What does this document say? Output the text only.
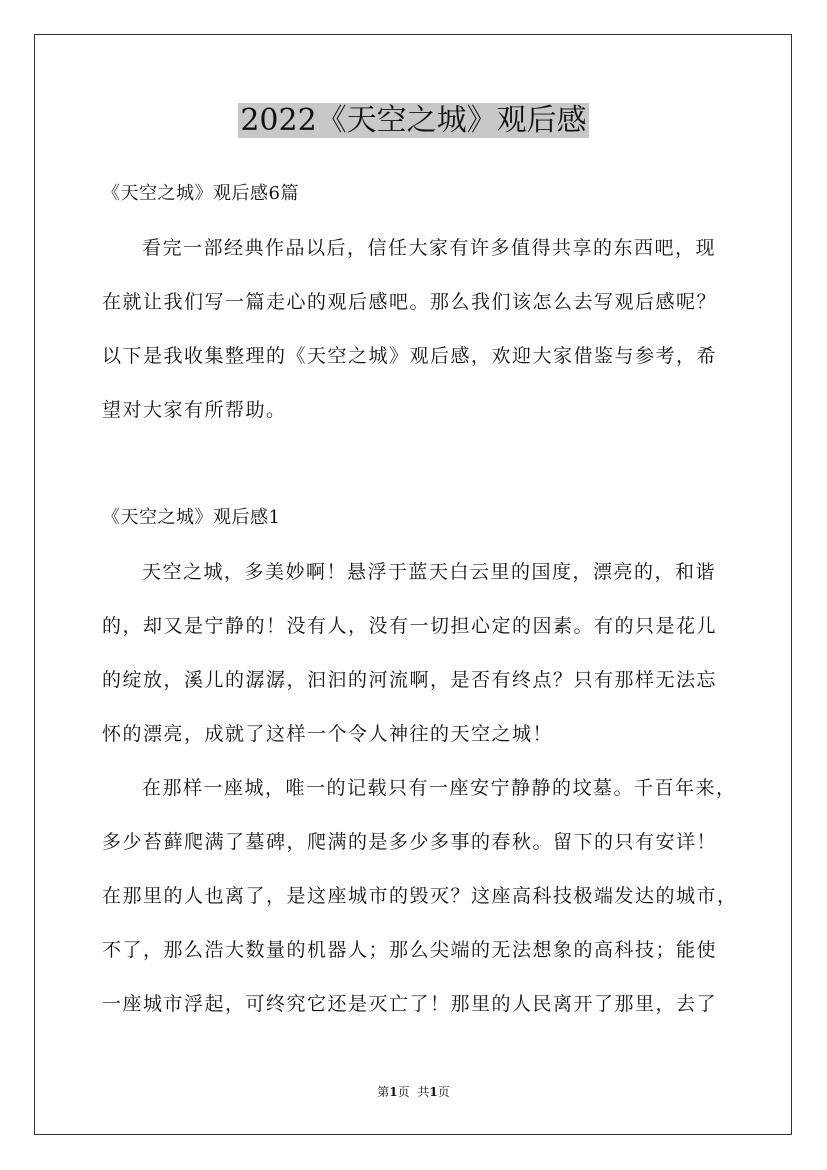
2022《天空之城》观后感
《天空之城》观后感6篇
看完一部经典作品以后，信任大家有许多值得共享的东西吧，现
在就让我们写一篇走心的观后感吧。那么我们该怎么去写观后感呢？
以下是我收集整理的《天空之城》观后感，欢迎大家借鉴与参考，希
望对大家有所帮助。
《天空之城》观后感1
天空之城，多美妙啊！悬浮于蓝天白云里的国度，漂亮的，和谐
的，却又是宁静的！没有人，没有一切担心定的因素。有的只是花儿
的绽放，溪儿的潺潺，汩汩的河流啊，是否有终点？只有那样无法忘
怀的漂亮，成就了这样一个令人神往的天空之城！
在那样一座城，唯一的记载只有一座安宁静静的坟墓。千百年来，
多少苔藓爬满了墓碑，爬满的是多少多事的春秋。留下的只有安详！
在那里的人也离了，是这座城市的毁灭？这座高科技极端发达的城市，
不了，那么浩大数量的机器人；那么尖端的无法想象的高科技；能使
一座城市浮起，可终究它还是灭亡了！那里的人民离开了那里，去了
第1页 共1页
